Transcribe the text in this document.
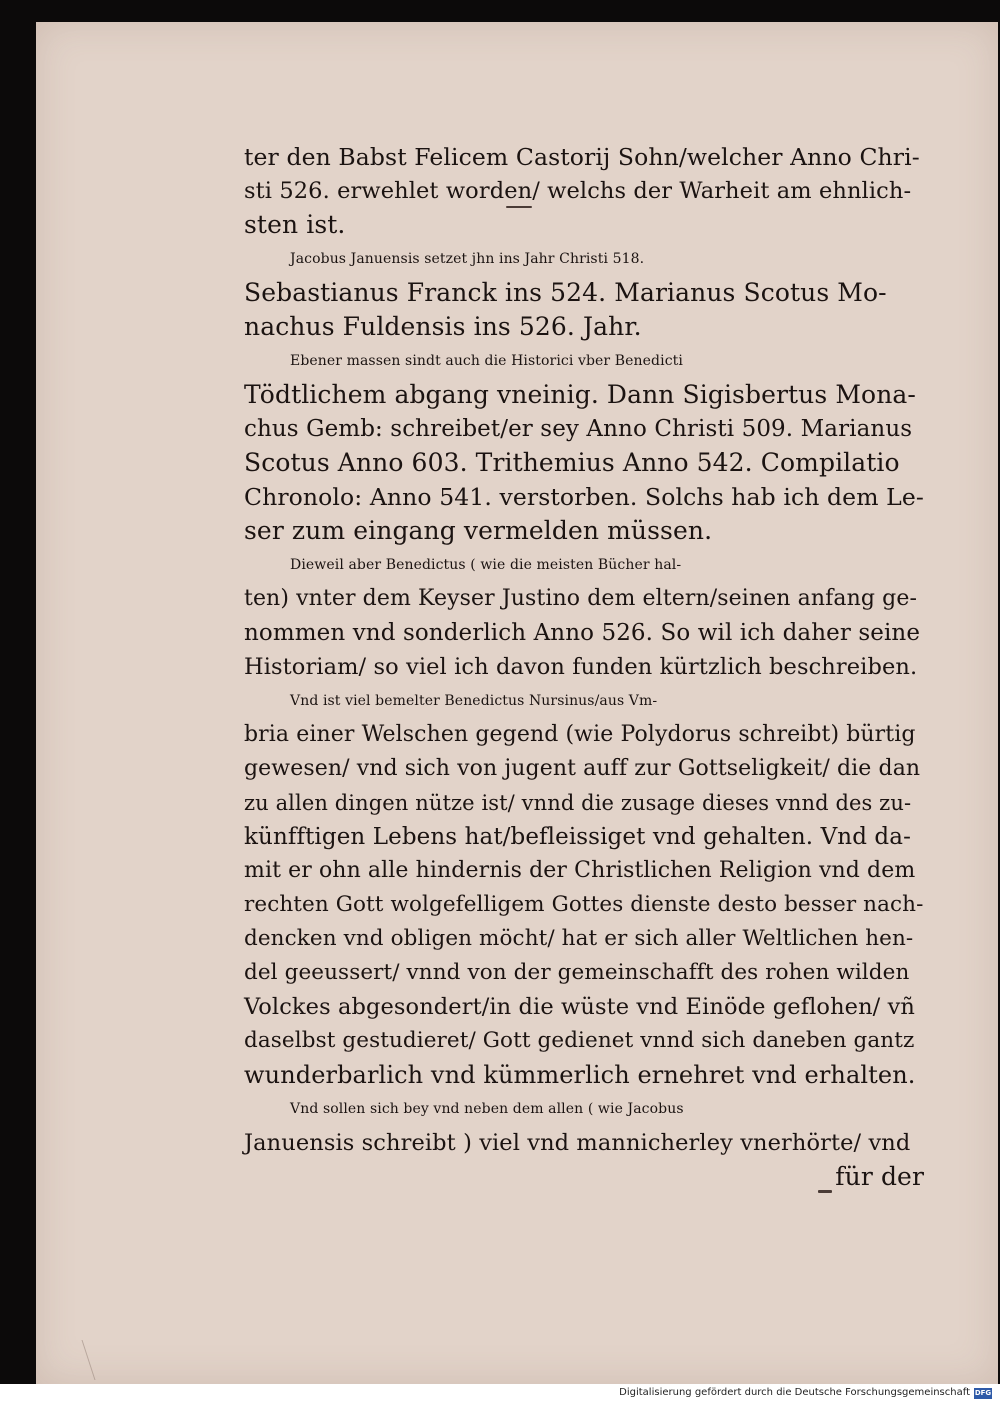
ter den Babst Felicem Castorij Sohn/welcher Anno Chri-
sti 526. erwehlet worden/ welchs der Warheit am ehnlich-
sten ist.
Jacobus Januensis setzet jhn ins Jahr Christi 518.
Sebastianus Franck ins 524. Marianus Scotus Mo-
nachus Fuldensis ins 526. Jahr.
Ebener massen sindt auch die Historici vber Benedicti
Tödtlichem abgang vneinig. Dann Sigisbertus Mona-
chus Gemb: schreibet/er sey Anno Christi 509. Marianus
Scotus Anno 603. Trithemius Anno 542. Compilatio
Chronolo: Anno 541. verstorben. Solchs hab ich dem Le-
ser zum eingang vermelden müssen.
Dieweil aber Benedictus ( wie die meisten Bücher hal-
ten) vnter dem Keyser Justino dem eltern/seinen anfang ge-
nommen vnd sonderlich Anno 526. So wil ich daher seine
Historiam/ so viel ich davon funden kürtzlich beschreiben.
Vnd ist viel bemelter Benedictus Nursinus/aus Vm-
bria einer Welschen gegend (wie Polydorus schreibt) bürtig
gewesen/ vnd sich von jugent auff zur Gottseligkeit/ die dan
zu allen dingen nütze ist/ vnnd die zusage dieses vnnd des zu-
künfftigen Lebens hat/beflеissiget vnd gehalten. Vnd da-
mit er ohn alle hindernis der Christlichen Religion vnd dem
rechten Gott wolgefelligem Gottes dienste desto besser nach-
dencken vnd obligen möcht/ hat er sich aller Weltlichen hen-
del geeussert/ vnnd von der gemeinschafft des rohen wilden
Volckes abgesondert/in die wüste vnd Einöde geflohen/ vñ
daselbst gestudieret/ Gott gedienet vnnd sich daneben gantz
wunderbarlich vnd kümmerlich ernehret vnd erhalten.
Vnd sollen sich bey vnd neben dem allen ( wie Jacobus
Januensis schreibt ) viel vnd mannicherley vnerhörte/ vnd
für der
Digitalisierung gefördert durch die Deutsche Forschungsgemeinschaft DFG
